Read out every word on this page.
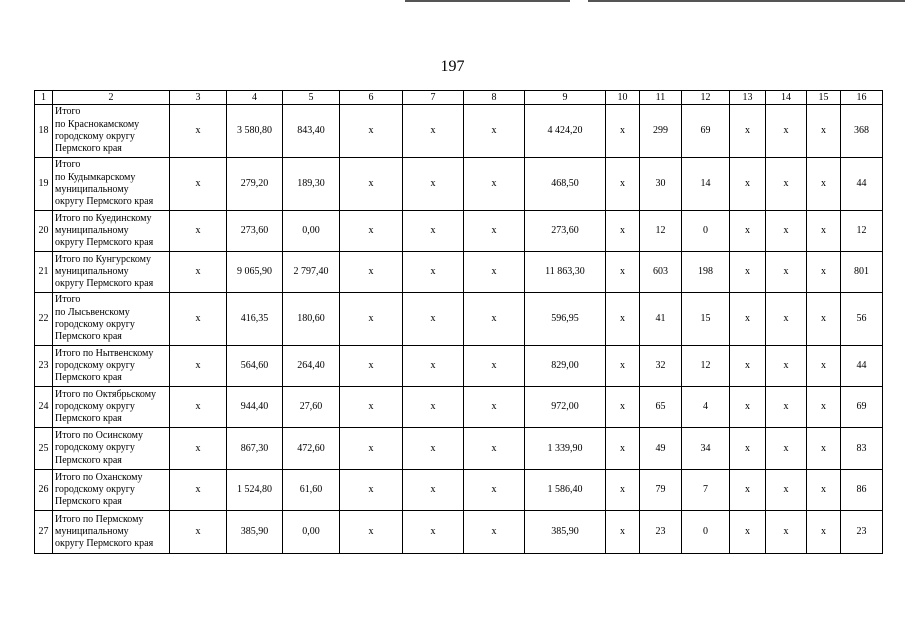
197
1	2	3	4	5	6	7	8	9	10	11	12	13	14	15	16
18	Итого
по Краснокамскому
городскому округу
Пермского края	x	3 580,80	843,40	x	x	x	4 424,20	x	299	69	x	x	x	368
19	Итого
по Кудымкарскому
муниципальному
округу Пермского края	x	279,20	189,30	x	x	x	468,50	x	30	14	x	x	x	44
20	Итого по Куединскому
муниципальному
округу Пермского края	x	273,60	0,00	x	x	x	273,60	x	12	0	x	x	x	12
21	Итого по Кунгурскому
муниципальному
округу Пермского края	x	9 065,90	2 797,40	x	x	x	11 863,30	x	603	198	x	x	x	801
22	Итого
по Лысьвенскому
городскому округу
Пермского края	x	416,35	180,60	x	x	x	596,95	x	41	15	x	x	x	56
23	Итого по Нытвенскому
городскому округу
Пермского края	x	564,60	264,40	x	x	x	829,00	x	32	12	x	x	x	44
24	Итого по Октябрьскому
городскому округу
Пермского края	x	944,40	27,60	x	x	x	972,00	x	65	4	x	x	x	69
25	Итого по Осинскому
городскому округу
Пермского края	x	867,30	472,60	x	x	x	1 339,90	x	49	34	x	x	x	83
26	Итого по Оханскому
городскому округу
Пермского края	x	1 524,80	61,60	x	x	x	1 586,40	x	79	7	x	x	x	86
27	Итого по Пермскому
муниципальному
округу Пермского края	x	385,90	0,00	x	x	x	385,90	x	23	0	x	x	x	23
